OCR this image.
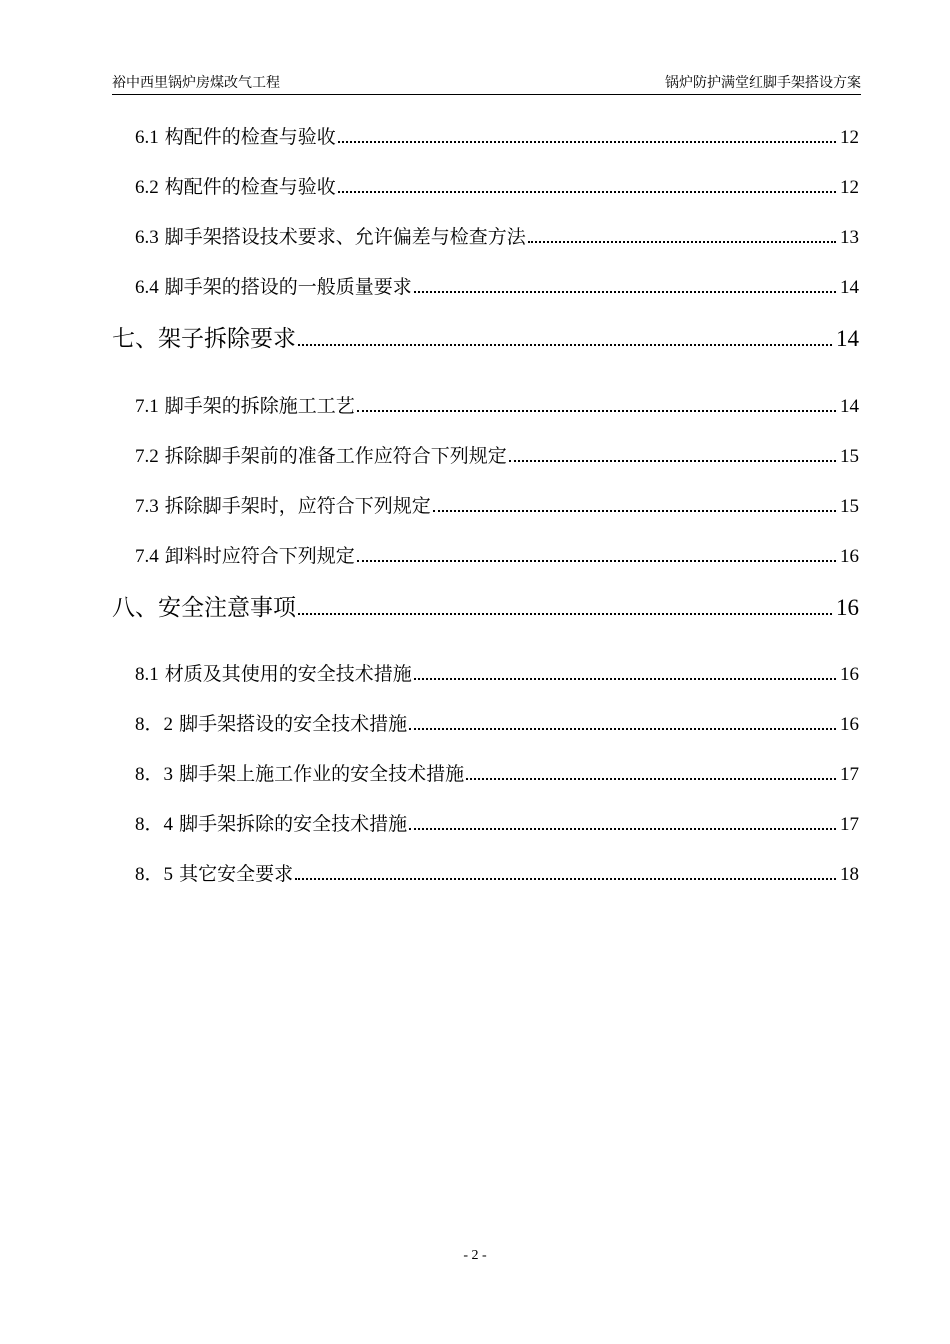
裕中西里锅炉房煤改气工程	锅炉防护满堂红脚手架搭设方案
6.1 构配件的检查与验收	12
6.2 构配件的检查与验收	12
6.3 脚手架搭设技术要求、允许偏差与检查方法	13
6.4 脚手架的搭设的一般质量要求	14
七、架子拆除要求	14
7.1 脚手架的拆除施工工艺	14
7.2 拆除脚手架前的准备工作应符合下列规定	15
7.3 拆除脚手架时，应符合下列规定	15
7.4 卸料时应符合下列规定	16
八、安全注意事项	16
8.1 材质及其使用的安全技术措施	16
8．2 脚手架搭设的安全技术措施	16
8．3 脚手架上施工作业的安全技术措施	17
8．4 脚手架拆除的安全技术措施	17
8．5 其它安全要求	18
- 2 -
